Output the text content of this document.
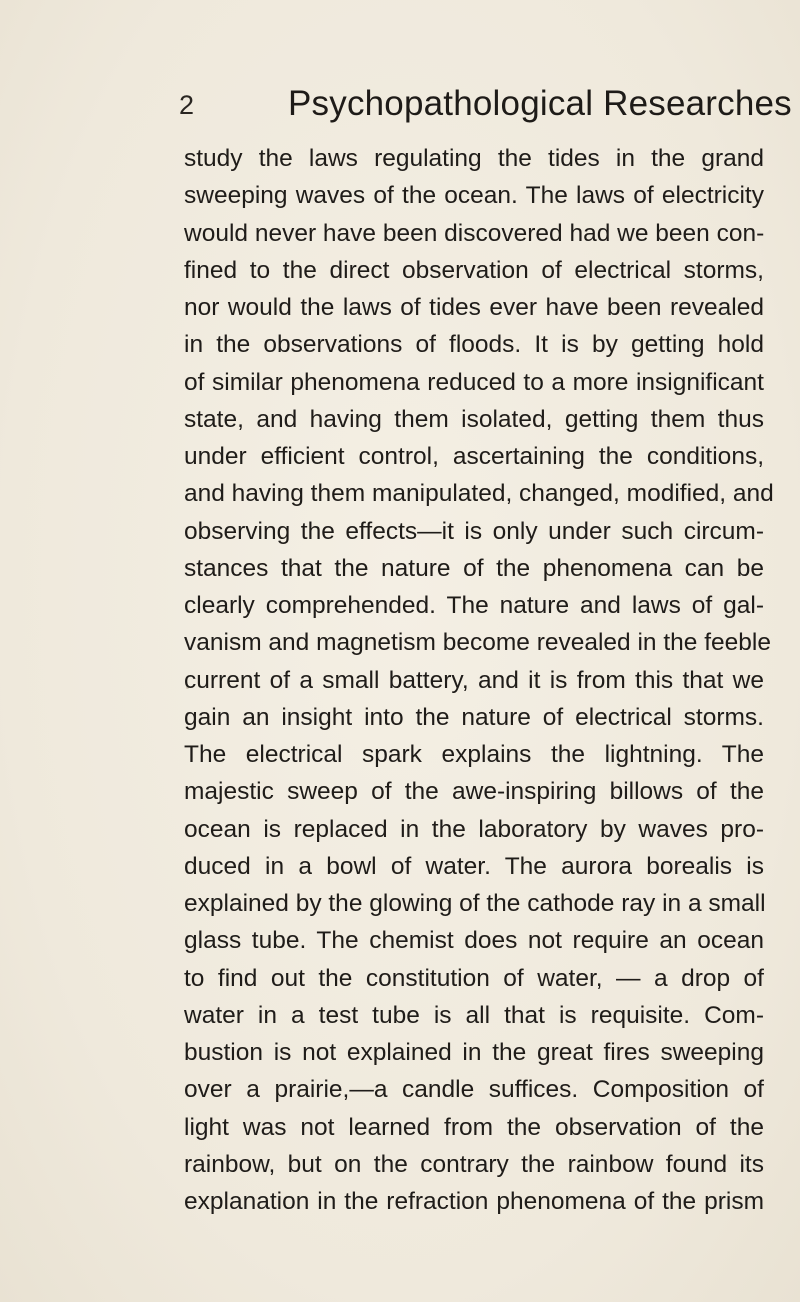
2	Psychopathological Researches
study the laws regulating the tides in the grand
sweeping waves of the ocean. The laws of electricity
would never have been discovered had we been con-
fined to the direct observation of electrical storms,
nor would the laws of tides ever have been revealed
in the observations of floods. It is by getting hold
of similar phenomena reduced to a more insignificant
state, and having them isolated, getting them thus
under efficient control, ascertaining the conditions,
and having them manipulated, changed, modified, and
observing the effects—it is only under such circum-
stances that the nature of the phenomena can be
clearly comprehended. The nature and laws of gal-
vanism and magnetism become revealed in the feeble
current of a small battery, and it is from this that we
gain an insight into the nature of electrical storms.
The electrical spark explains the lightning. The
majestic sweep of the awe-inspiring billows of the
ocean is replaced in the laboratory by waves pro-
duced in a bowl of water. The aurora borealis is
explained by the glowing of the cathode ray in a small
glass tube. The chemist does not require an ocean
to find out the constitution of water, — a drop of
water in a test tube is all that is requisite. Com-
bustion is not explained in the great fires sweeping
over a prairie,—a candle suffices. Composition of
light was not learned from the observation of the
rainbow, but on the contrary the rainbow found its
explanation in the refraction phenomena of the prism
